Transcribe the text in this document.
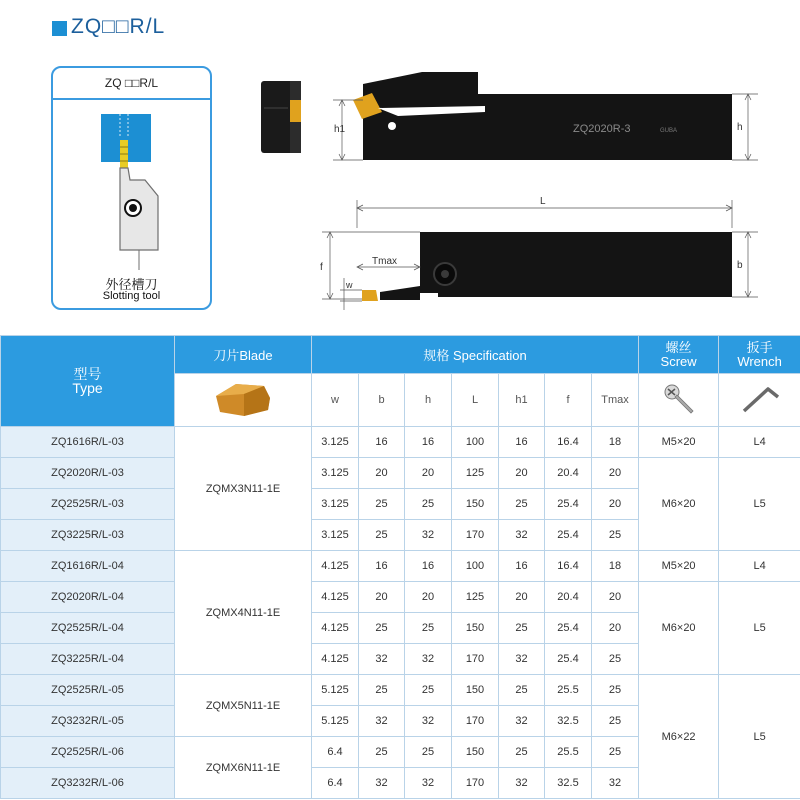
ZQ□□R/L
ZQ □□R/L
外径槽刀
Slotting tool
ZQ2020R-3	GUBA
h1	h
L
Tmax
f
w
b
型号
Type	刀片Blade	规格 Specification							螺丝
Screw	扳手
Wrench

	w	b	h	L	h1	f	Tmax		
ZQ1616R/L-03	ZQMX3N11-1E	3.125	16	16	100	16	16.4	18	M5×20	L4
ZQ2020R/L-03		3.125	20	20	125	20	20.4	20	M6×20	L5
ZQ2525R/L-03		3.125	25	25	150	25	25.4	20		
ZQ3225R/L-03		3.125	25	32	170	32	25.4	25		
ZQ1616R/L-04	ZQMX4N11-1E	4.125	16	16	100	16	16.4	18	M5×20	L4
ZQ2020R/L-04		4.125	20	20	125	20	20.4	20	M6×20	L5
ZQ2525R/L-04		4.125	25	25	150	25	25.4	20		
ZQ3225R/L-04		4.125	32	32	170	32	25.4	25		
ZQ2525R/L-05	ZQMX5N11-1E	5.125	25	25	150	25	25.5	25	M6×22	L5
ZQ3232R/L-05		5.125	32	32	170	32	32.5	25		
ZQ2525R/L-06	ZQMX6N11-1E	6.4	25	25	150	25	25.5	25		
ZQ3232R/L-06		6.4	32	32	170	32	32.5	32		
